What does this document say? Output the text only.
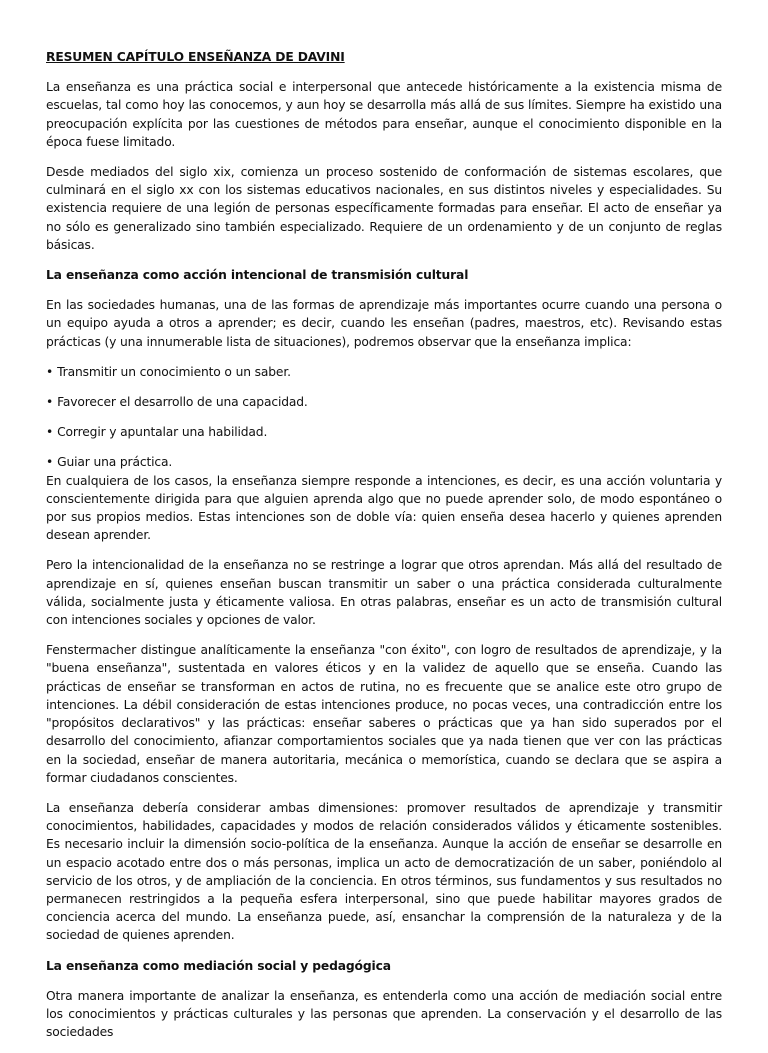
RESUMEN CAPÍTULO ENSEÑANZA DE DAVINI

La enseñanza es una práctica social e interpersonal que antecede históricamente a la existencia misma de escuelas, tal como hoy las conocemos, y aun hoy se desarrolla más allá de sus límites. Siempre ha existido una preocupación explícita por las cuestiones de métodos para enseñar, aunque el conocimiento disponible en la época fuese limitado.

Desde mediados del siglo xix, comienza un proceso sostenido de conformación de sistemas escolares, que culminará en el siglo xx con los sistemas educativos nacionales, en sus distintos niveles y especialidades. Su existencia requiere de una legión de personas específicamente formadas para enseñar. El acto de enseñar ya no sólo es generalizado sino también especializado. Requiere de un ordenamiento y de un conjunto de reglas básicas.

La enseñanza como acción intencional de transmisión cultural

En las sociedades humanas, una de las formas de aprendizaje más importantes ocurre cuando una persona o un equipo ayuda a otros a aprender; es decir, cuando les enseñan (padres, maestros, etc). Revisando estas prácticas (y una innumerable lista de situaciones), podremos observar que la enseñanza implica:

• Transmitir un conocimiento o un saber.
• Favorecer el desarrollo de una capacidad.
• Corregir y apuntalar una habilidad.
• Guiar una práctica.

En cualquiera de los casos, la enseñanza siempre responde a intenciones, es decir, es una acción voluntaria y conscientemente dirigida para que alguien aprenda algo que no puede aprender solo, de modo espontáneo o por sus propios medios. Estas intenciones son de doble vía: quien enseña desea hacerlo y quienes aprenden desean aprender.

Pero la intencionalidad de la enseñanza no se restringe a lograr que otros aprendan. Más allá del resultado de aprendizaje en sí, quienes enseñan buscan transmitir un saber o una práctica considerada culturalmente válida, socialmente justa y éticamente valiosa. En otras palabras, enseñar es un acto de transmisión cultural con intenciones sociales y opciones de valor.

Fenstermacher distingue analíticamente la enseñanza "con éxito", con logro de resultados de aprendizaje, y la "buena enseñanza", sustentada en valores éticos y en la validez de aquello que se enseña. Cuando las prácticas de enseñar se transforman en actos de rutina, no es frecuente que se analice este otro grupo de intenciones. La débil consideración de estas intenciones produce, no pocas veces, una contradicción entre los "propósitos declarativos" y las prácticas: enseñar saberes o prácticas que ya han sido superados por el desarrollo del conocimiento, afianzar comportamientos sociales que ya nada tienen que ver con las prácticas en la sociedad, enseñar de manera autoritaria, mecánica o memorística, cuando se declara que se aspira a formar ciudadanos conscientes.

La enseñanza debería considerar ambas dimensiones: promover resultados de aprendizaje y transmitir conocimientos, habilidades, capacidades y modos de relación considerados válidos y éticamente sostenibles. Es necesario incluir la dimensión socio-política de la enseñanza. Aunque la acción de enseñar se desarrolle en un espacio acotado entre dos o más personas, implica un acto de democratización de un saber, poniéndolo al servicio de los otros, y de ampliación de la conciencia. En otros términos, sus fundamentos y sus resultados no permanecen restringidos a la pequeña esfera interpersonal, sino que puede habilitar mayores grados de conciencia acerca del mundo. La enseñanza puede, así, ensanchar la comprensión de la naturaleza y de la sociedad de quienes aprenden.

La enseñanza como mediación social y pedagógica

Otra manera importante de analizar la enseñanza, es entenderla como una acción de mediación social entre los conocimientos y prácticas culturales y las personas que aprenden. La conservación y el desarrollo de las sociedades
